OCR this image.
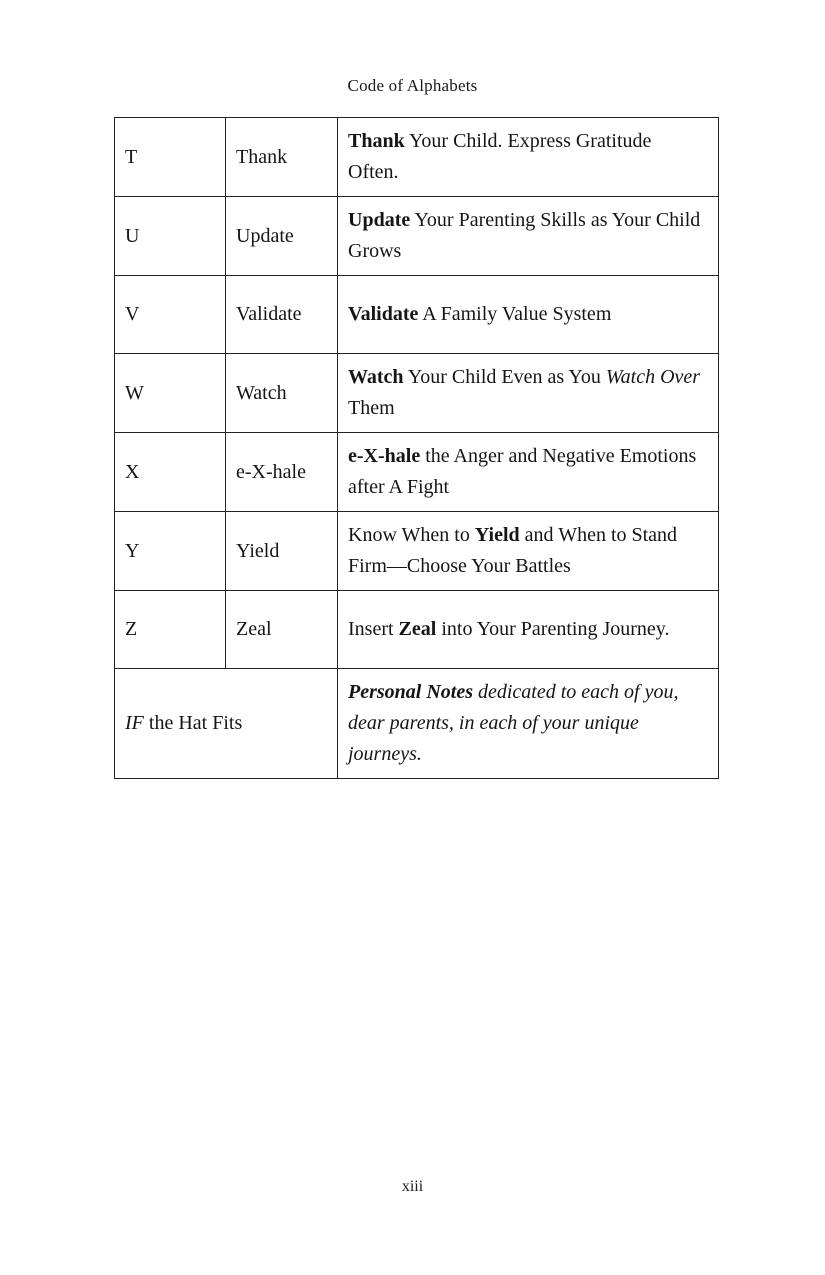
Code of Alphabets
T	Thank	Thank Your Child. Express Gratitude Often.
U	Update	Update Your Parenting Skills as Your Child Grows
V	Validate	Validate A Family Value System
W	Watch	Watch Your Child Even as You Watch Over Them
X	e-X-hale	e-X-hale the Anger and Negative Emotions after A Fight
Y	Yield	Know When to Yield and When to Stand Firm—Choose Your Battles
Z	Zeal	Insert Zeal into Your Parenting Journey.
IF the Hat Fits		Personal Notes dedicated to each of you, dear parents, in each of your unique journeys.
xiii
